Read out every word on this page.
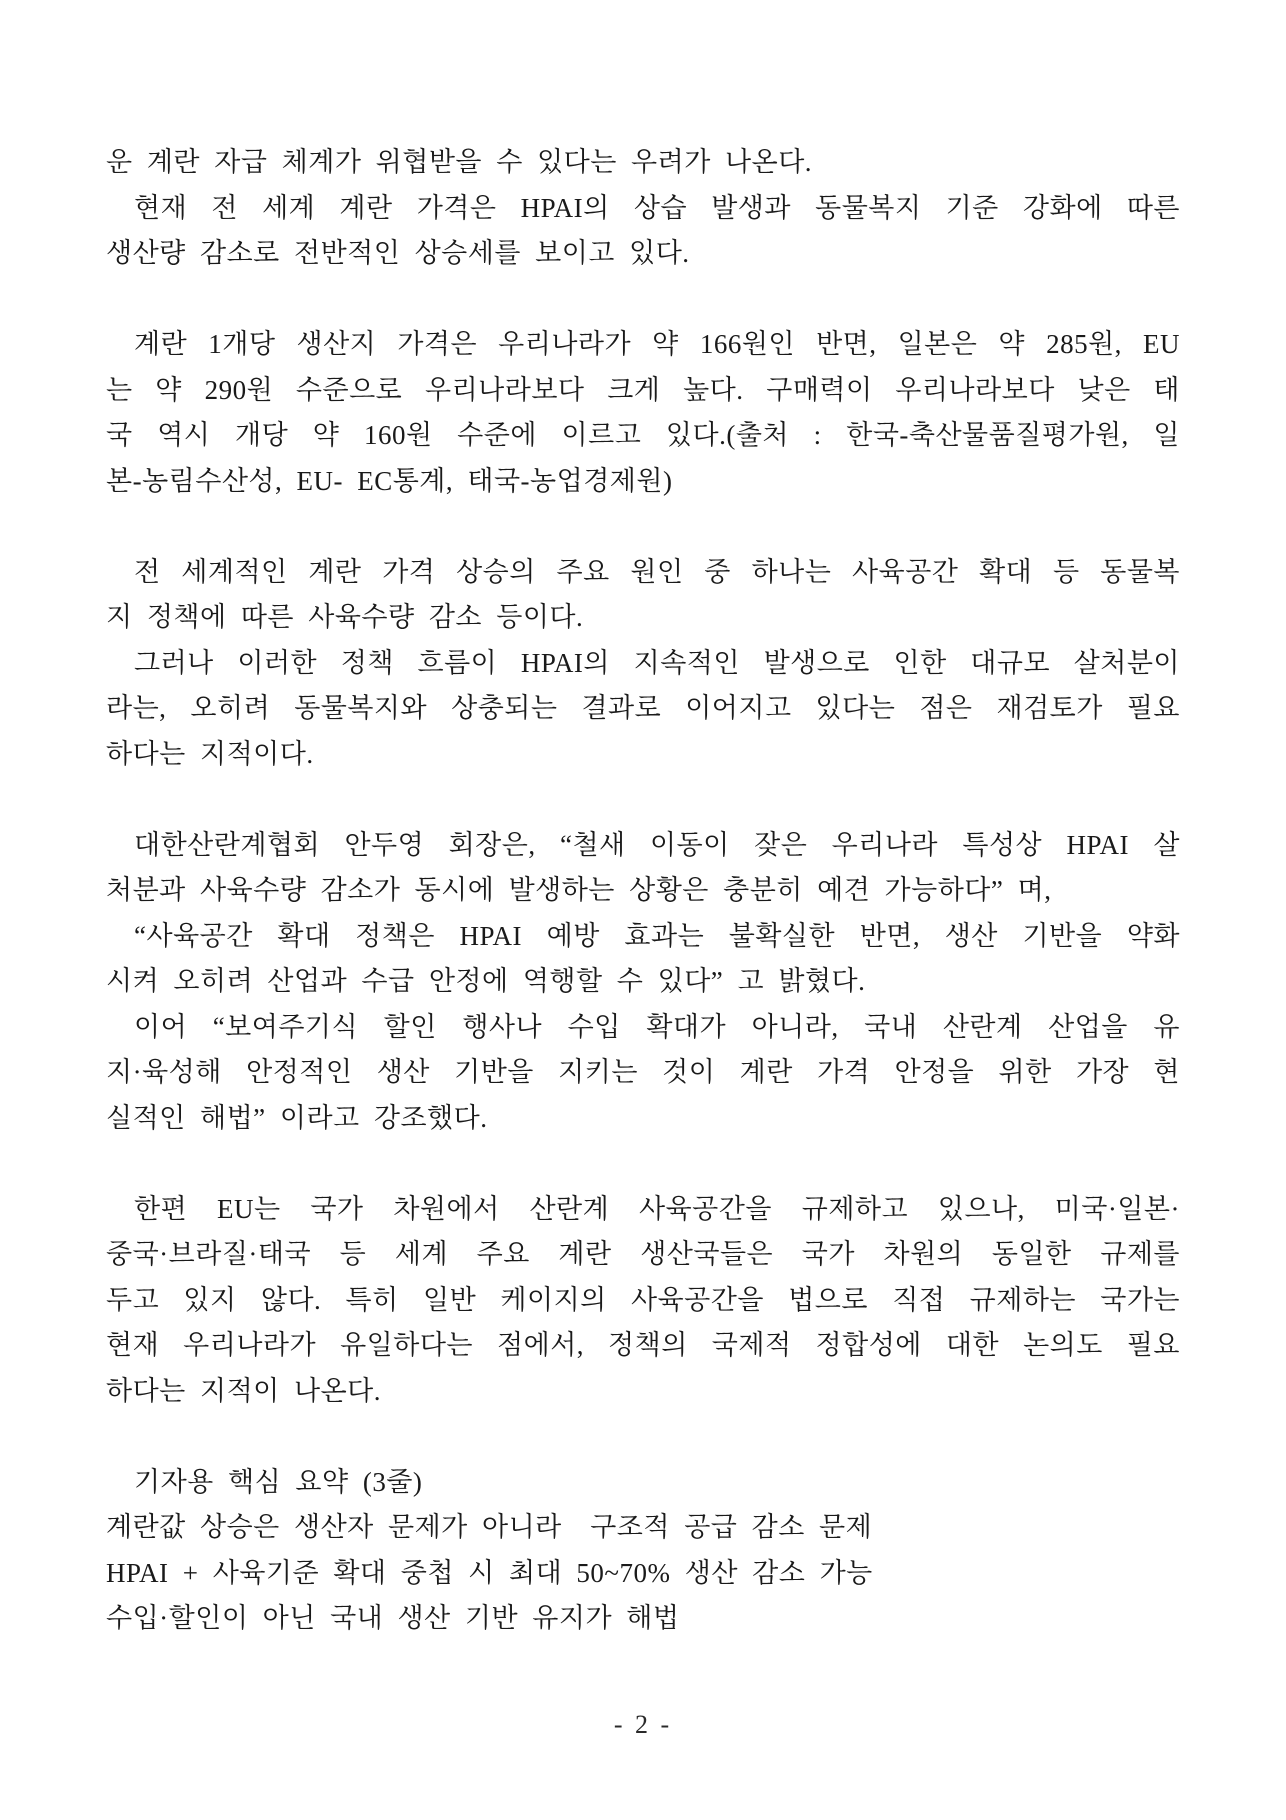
운 계란 자급 체계가 위협받을 수 있다는 우려가 나온다.
현재 전 세계 계란 가격은 HPAI의 상습 발생과 동물복지 기준 강화에 따른
생산량 감소로 전반적인 상승세를 보이고 있다.
계란 1개당 생산지 가격은 우리나라가 약 166원인 반면, 일본은 약 285원, EU
는 약 290원 수준으로 우리나라보다 크게 높다. 구매력이 우리나라보다 낮은 태
국 역시 개당 약 160원 수준에 이르고 있다.(출처 : 한국-축산물품질평가원, 일
본-농림수산성, EU- EC통계, 태국-농업경제원)
전 세계적인 계란 가격 상승의 주요 원인 중 하나는 사육공간 확대 등 동물복
지 정책에 따른 사육수량 감소 등이다.
그러나 이러한 정책 흐름이 HPAI의 지속적인 발생으로 인한 대규모 살처분이
라는, 오히려 동물복지와 상충되는 결과로 이어지고 있다는 점은 재검토가 필요
하다는 지적이다.
대한산란계협회 안두영 회장은, “철새 이동이 잦은 우리나라 특성상 HPAI 살
처분과 사육수량 감소가 동시에 발생하는 상황은 충분히 예견 가능하다” 며,
“사육공간 확대 정책은 HPAI 예방 효과는 불확실한 반면, 생산 기반을 약화
시켜 오히려 산업과 수급 안정에 역행할 수 있다” 고 밝혔다.
이어 “보여주기식 할인 행사나 수입 확대가 아니라, 국내 산란계 산업을 유
지·육성해 안정적인 생산 기반을 지키는 것이 계란 가격 안정을 위한 가장 현
실적인 해법” 이라고 강조했다.
한편 EU는 국가 차원에서 산란계 사육공간을 규제하고 있으나, 미국·일본·
중국·브라질·태국 등 세계 주요 계란 생산국들은 국가 차원의 동일한 규제를
두고 있지 않다. 특히 일반 케이지의 사육공간을 법으로 직접 규제하는 국가는
현재 우리나라가 유일하다는 점에서, 정책의 국제적 정합성에 대한 논의도 필요
하다는 지적이 나온다.
기자용 핵심 요약 (3줄)
계란값 상승은 생산자 문제가 아니라  구조적 공급 감소 문제
HPAI + 사육기준 확대 중첩 시 최대 50~70% 생산 감소 가능
수입·할인이 아닌 국내 생산 기반 유지가 해법
- 2 -
